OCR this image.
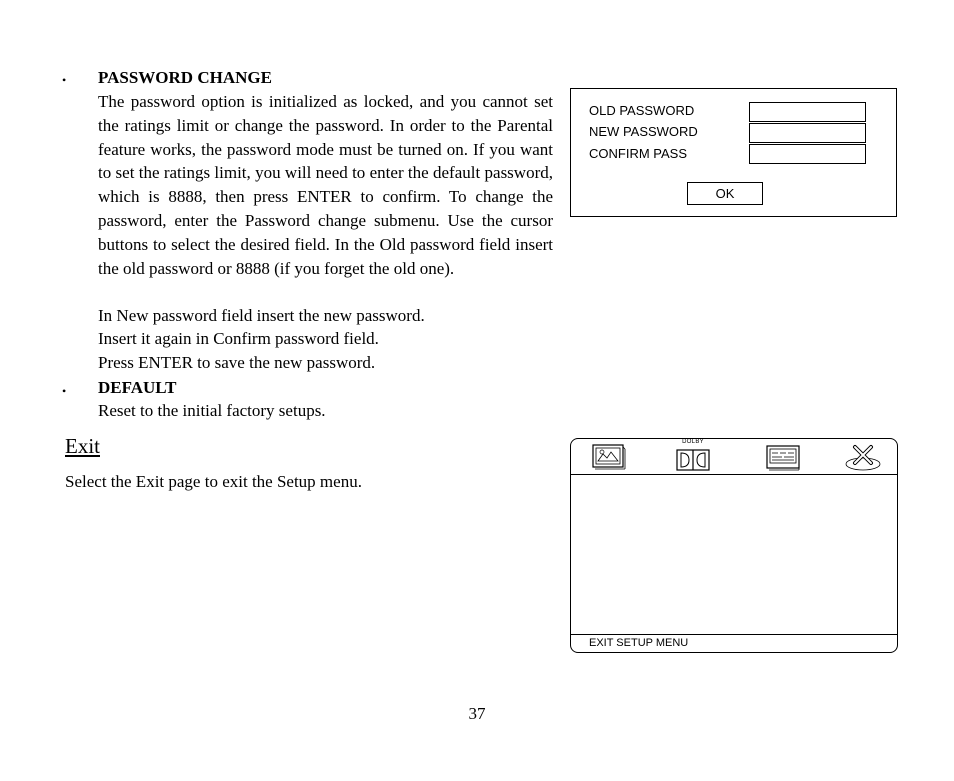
• PASSWORD CHANGE
The password option is initialized as locked, and you cannot set the ratings limit or change the password. In order to the Parental feature works, the password mode must be turned on. If you want to set the ratings limit, you will need to enter the default password, which is 8888, then press ENTER to confirm. To change the password, enter the Password change submenu. Use the cursor buttons to select the desired field. In the Old password field insert the old password or 8888 (if you forget the old one).
In New password field insert the new password.
Insert it again in Confirm password field.
Press ENTER to save the new password.
• DEFAULT
Reset to the initial factory setups.
Exit
Select the Exit page to exit the Setup menu.
OLD PASSWORD
NEW PASSWORD
CONFIRM PASS
OK
DOLBY
EXIT SETUP MENU
37
